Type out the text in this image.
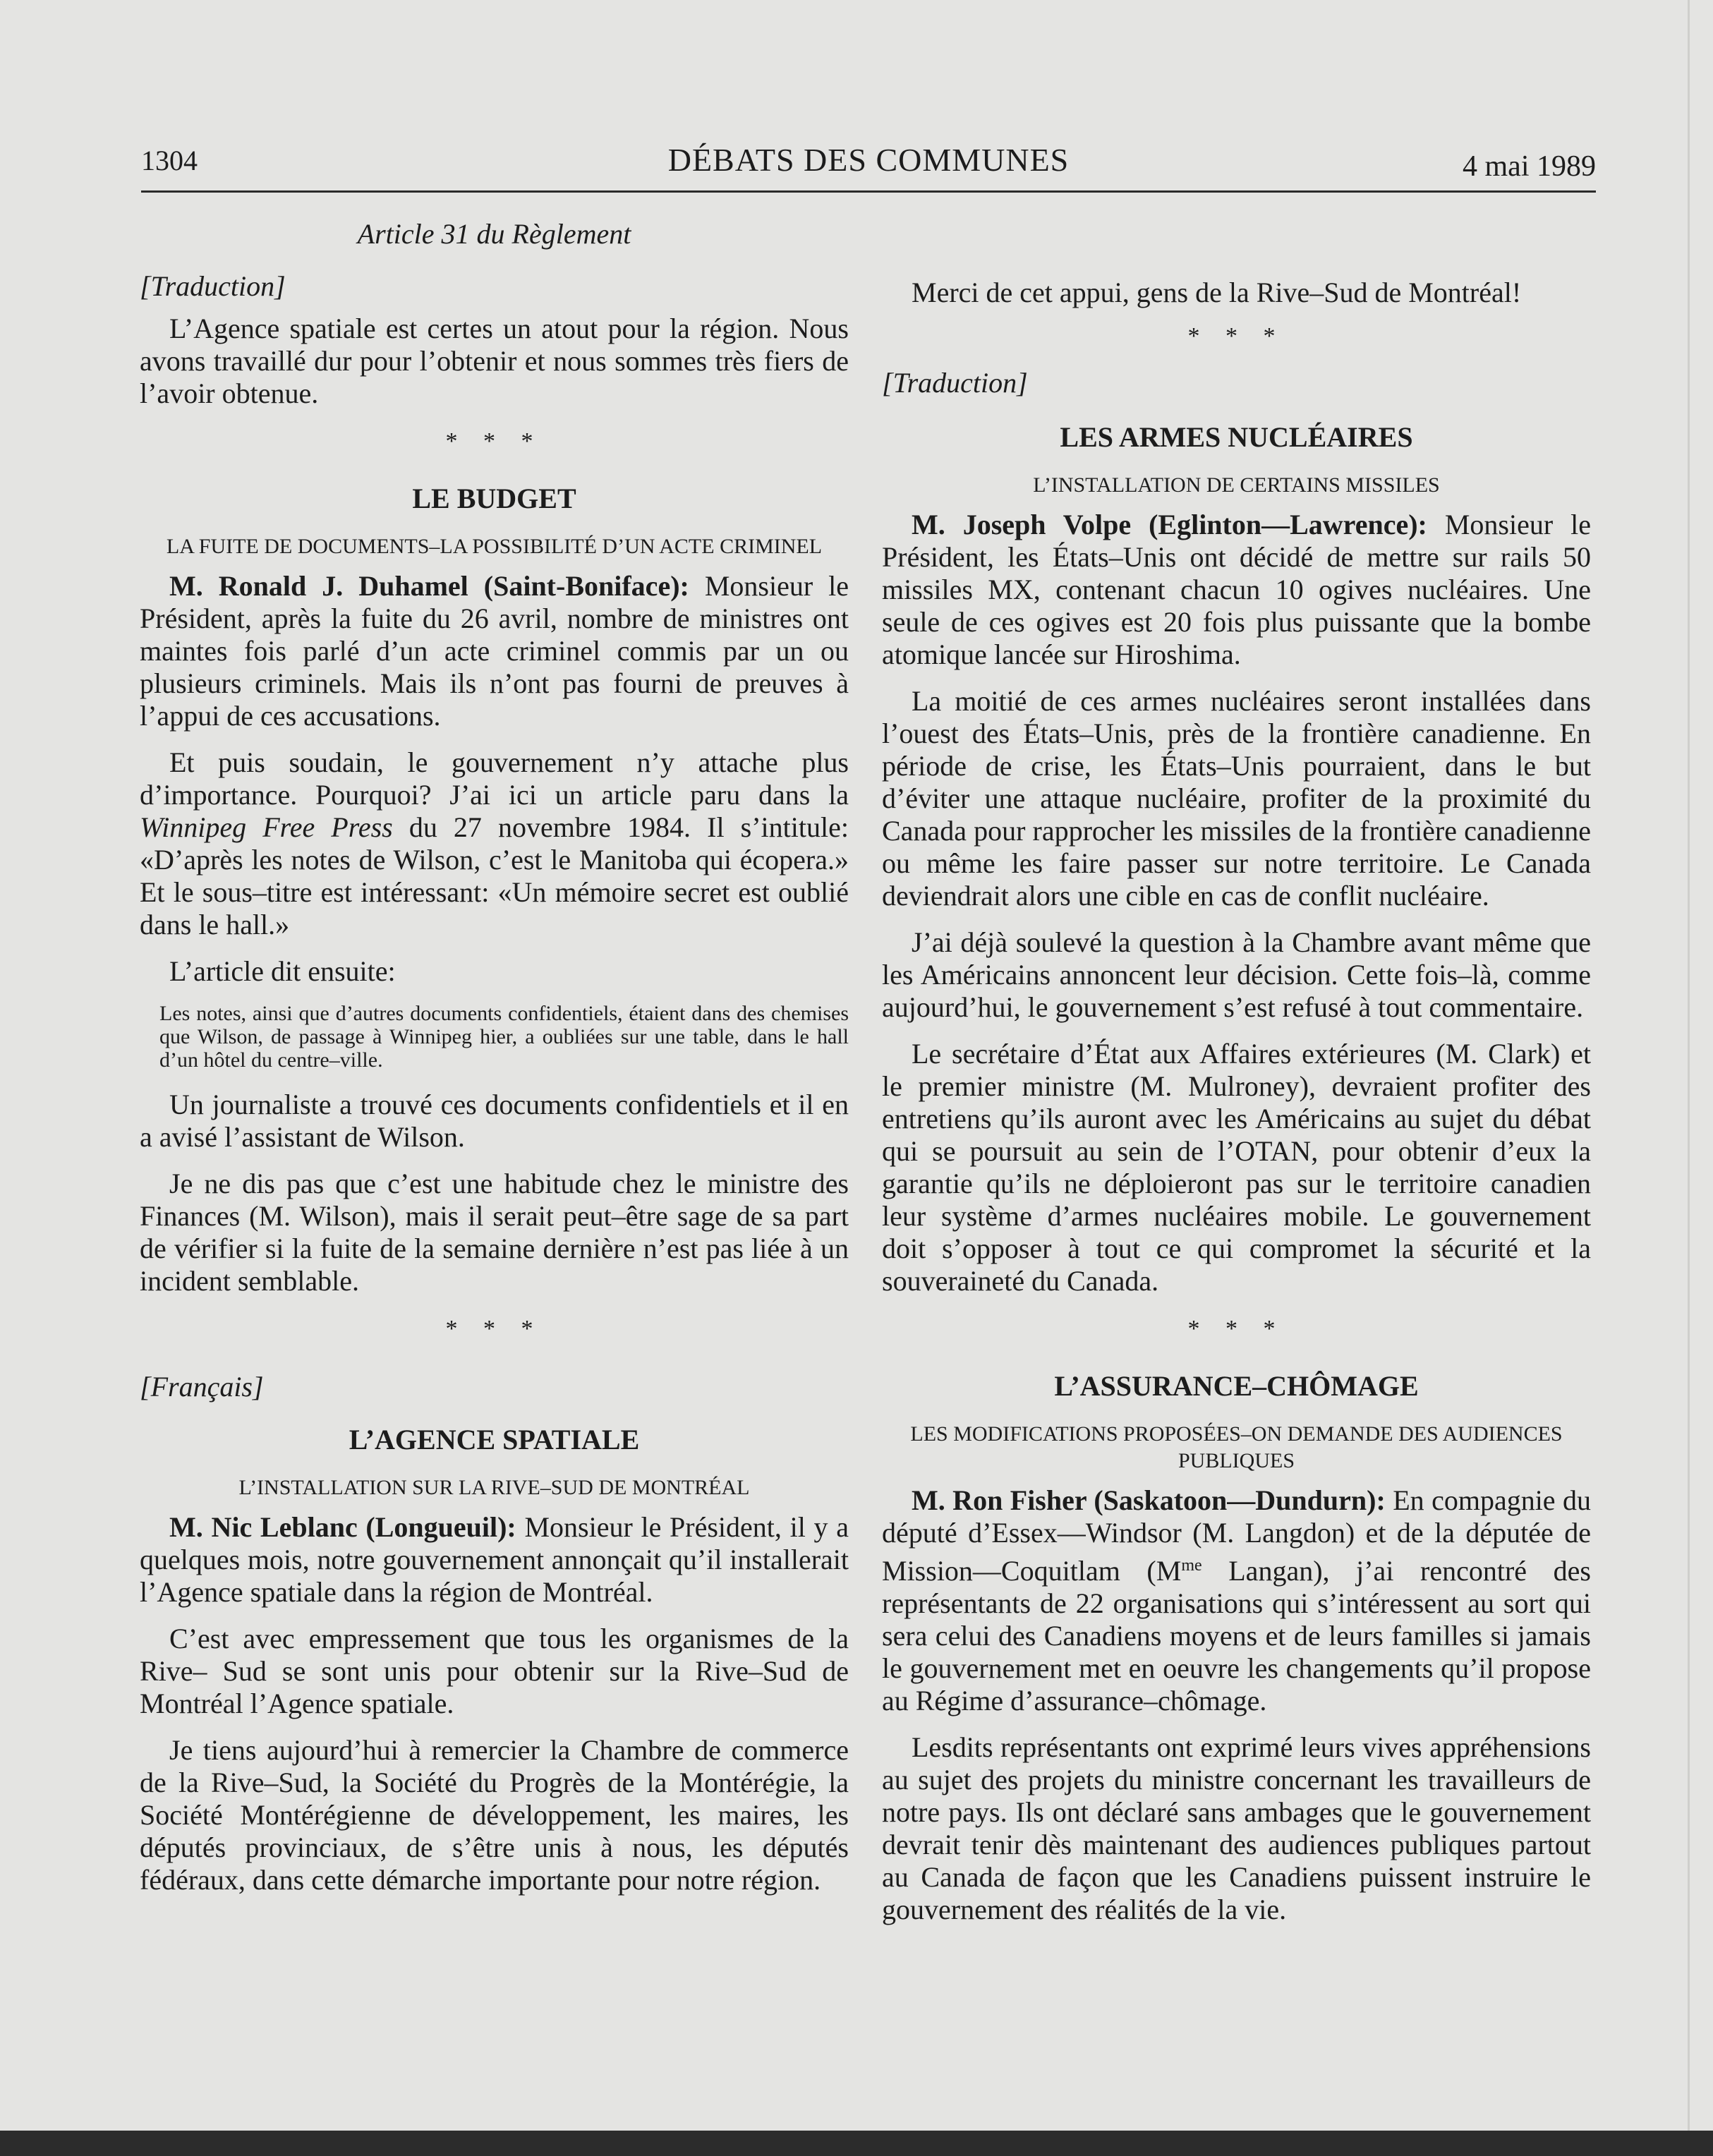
1304	DÉBATS DES COMMUNES	4 mai 1989
Article 31 du Règlement
[Traduction]

L’Agence spatiale est certes un atout pour la région. Nous avons travaillé dur pour l’obtenir et nous sommes très fiers de l’avoir obtenue.

* * *
LE BUDGET
LA FUITE DE DOCUMENTS–LA POSSIBILITÉ D’UN ACTE CRIMINEL

M. Ronald J. Duhamel (Saint-Boniface): Monsieur le Président, après la fuite du 26 avril, nombre de ministres ont maintes fois parlé d’un acte criminel commis par un ou plusieurs criminels. Mais ils n’ont pas fourni de preuves à l’appui de ces accusations.

Et puis soudain, le gouvernement n’y attache plus d’importance. Pourquoi? J’ai ici un article paru dans la Winnipeg Free Press du 27 novembre 1984. Il s’intitule: «D’après les notes de Wilson, c’est le Manitoba qui écopera.» Et le sous–titre est intéressant: «Un mémoire secret est oublié dans le hall.»

L’article dit ensuite:

Les notes, ainsi que d’autres documents confidentiels, étaient dans des chemises que Wilson, de passage à Winnipeg hier, a oubliées sur une table, dans le hall d’un hôtel du centre–ville.

Un journaliste a trouvé ces documents confidentiels et il en a avisé l’assistant de Wilson.

Je ne dis pas que c’est une habitude chez le ministre des Finances (M. Wilson), mais il serait peut–être sage de sa part de vérifier si la fuite de la semaine dernière n’est pas liée à un incident semblable.

* * *
[Français]
L’AGENCE SPATIALE
L’INSTALLATION SUR LA RIVE–SUD DE MONTRÉAL

M. Nic Leblanc (Longueuil): Monsieur le Président, il y a quelques mois, notre gouvernement annonçait qu’il installerait l’Agence spatiale dans la région de Montréal.

C’est avec empressement que tous les organismes de la Rive– Sud se sont unis pour obtenir sur la Rive–Sud de Montréal l’Agence spatiale.

Je tiens aujourd’hui à remercier la Chambre de commerce de la Rive–Sud, la Société du Progrès de la Montérégie, la Société Montérégienne de développement, les maires, les députés provinciaux, de s’être unis à nous, les députés fédéraux, dans cette démarche importante pour notre région.

Merci de cet appui, gens de la Rive–Sud de Montréal!

* * *
[Traduction]
LES ARMES NUCLÉAIRES
L’INSTALLATION DE CERTAINS MISSILES

M. Joseph Volpe (Eglinton—Lawrence): Monsieur le Président, les États–Unis ont décidé de mettre sur rails 50 missiles MX, contenant chacun 10 ogives nucléaires. Une seule de ces ogives est 20 fois plus puissante que la bombe atomique lancée sur Hiroshima.

La moitié de ces armes nucléaires seront installées dans l’ouest des États–Unis, près de la frontière canadienne. En période de crise, les États–Unis pourraient, dans le but d’éviter une attaque nucléaire, profiter de la proximité du Canada pour rapprocher les missiles de la frontière canadienne ou même les faire passer sur notre territoire. Le Canada deviendrait alors une cible en cas de conflit nucléaire.

J’ai déjà soulevé la question à la Chambre avant même que les Américains annoncent leur décision. Cette fois–là, comme aujourd’hui, le gouvernement s’est refusé à tout commentaire.

Le secrétaire d’État aux Affaires extérieures (M. Clark) et le premier ministre (M. Mulroney), devraient profiter des entretiens qu’ils auront avec les Américains au sujet du débat qui se poursuit au sein de l’OTAN, pour obtenir d’eux la garantie qu’ils ne déploieront pas sur le territoire canadien leur système d’armes nucléaires mobile. Le gouvernement doit s’opposer à tout ce qui compromet la sécurité et la souveraineté du Canada.

* * *
L’ASSURANCE–CHÔMAGE
LES MODIFICATIONS PROPOSÉES–ON DEMANDE DES AUDIENCES PUBLIQUES

M. Ron Fisher (Saskatoon—Dundurn): En compagnie du député d’Essex—Windsor (M. Langdon) et de la députée de Mission—Coquitlam ($M^{me}$ Langan), j’ai rencontré des représentants de 22 organisations qui s’intéressent au sort qui sera celui des Canadiens moyens et de leurs familles si jamais le gouvernement met en oeuvre les changements qu’il propose au Régime d’assurance–chômage.

Lesdits représentants ont exprimé leurs vives appréhensions au sujet des projets du ministre concernant les travailleurs de notre pays. Ils ont déclaré sans ambages que le gouvernement devrait tenir dès maintenant des audiences publiques partout au Canada de façon que les Canadiens puissent instruire le gouvernement des réalités de la vie.
